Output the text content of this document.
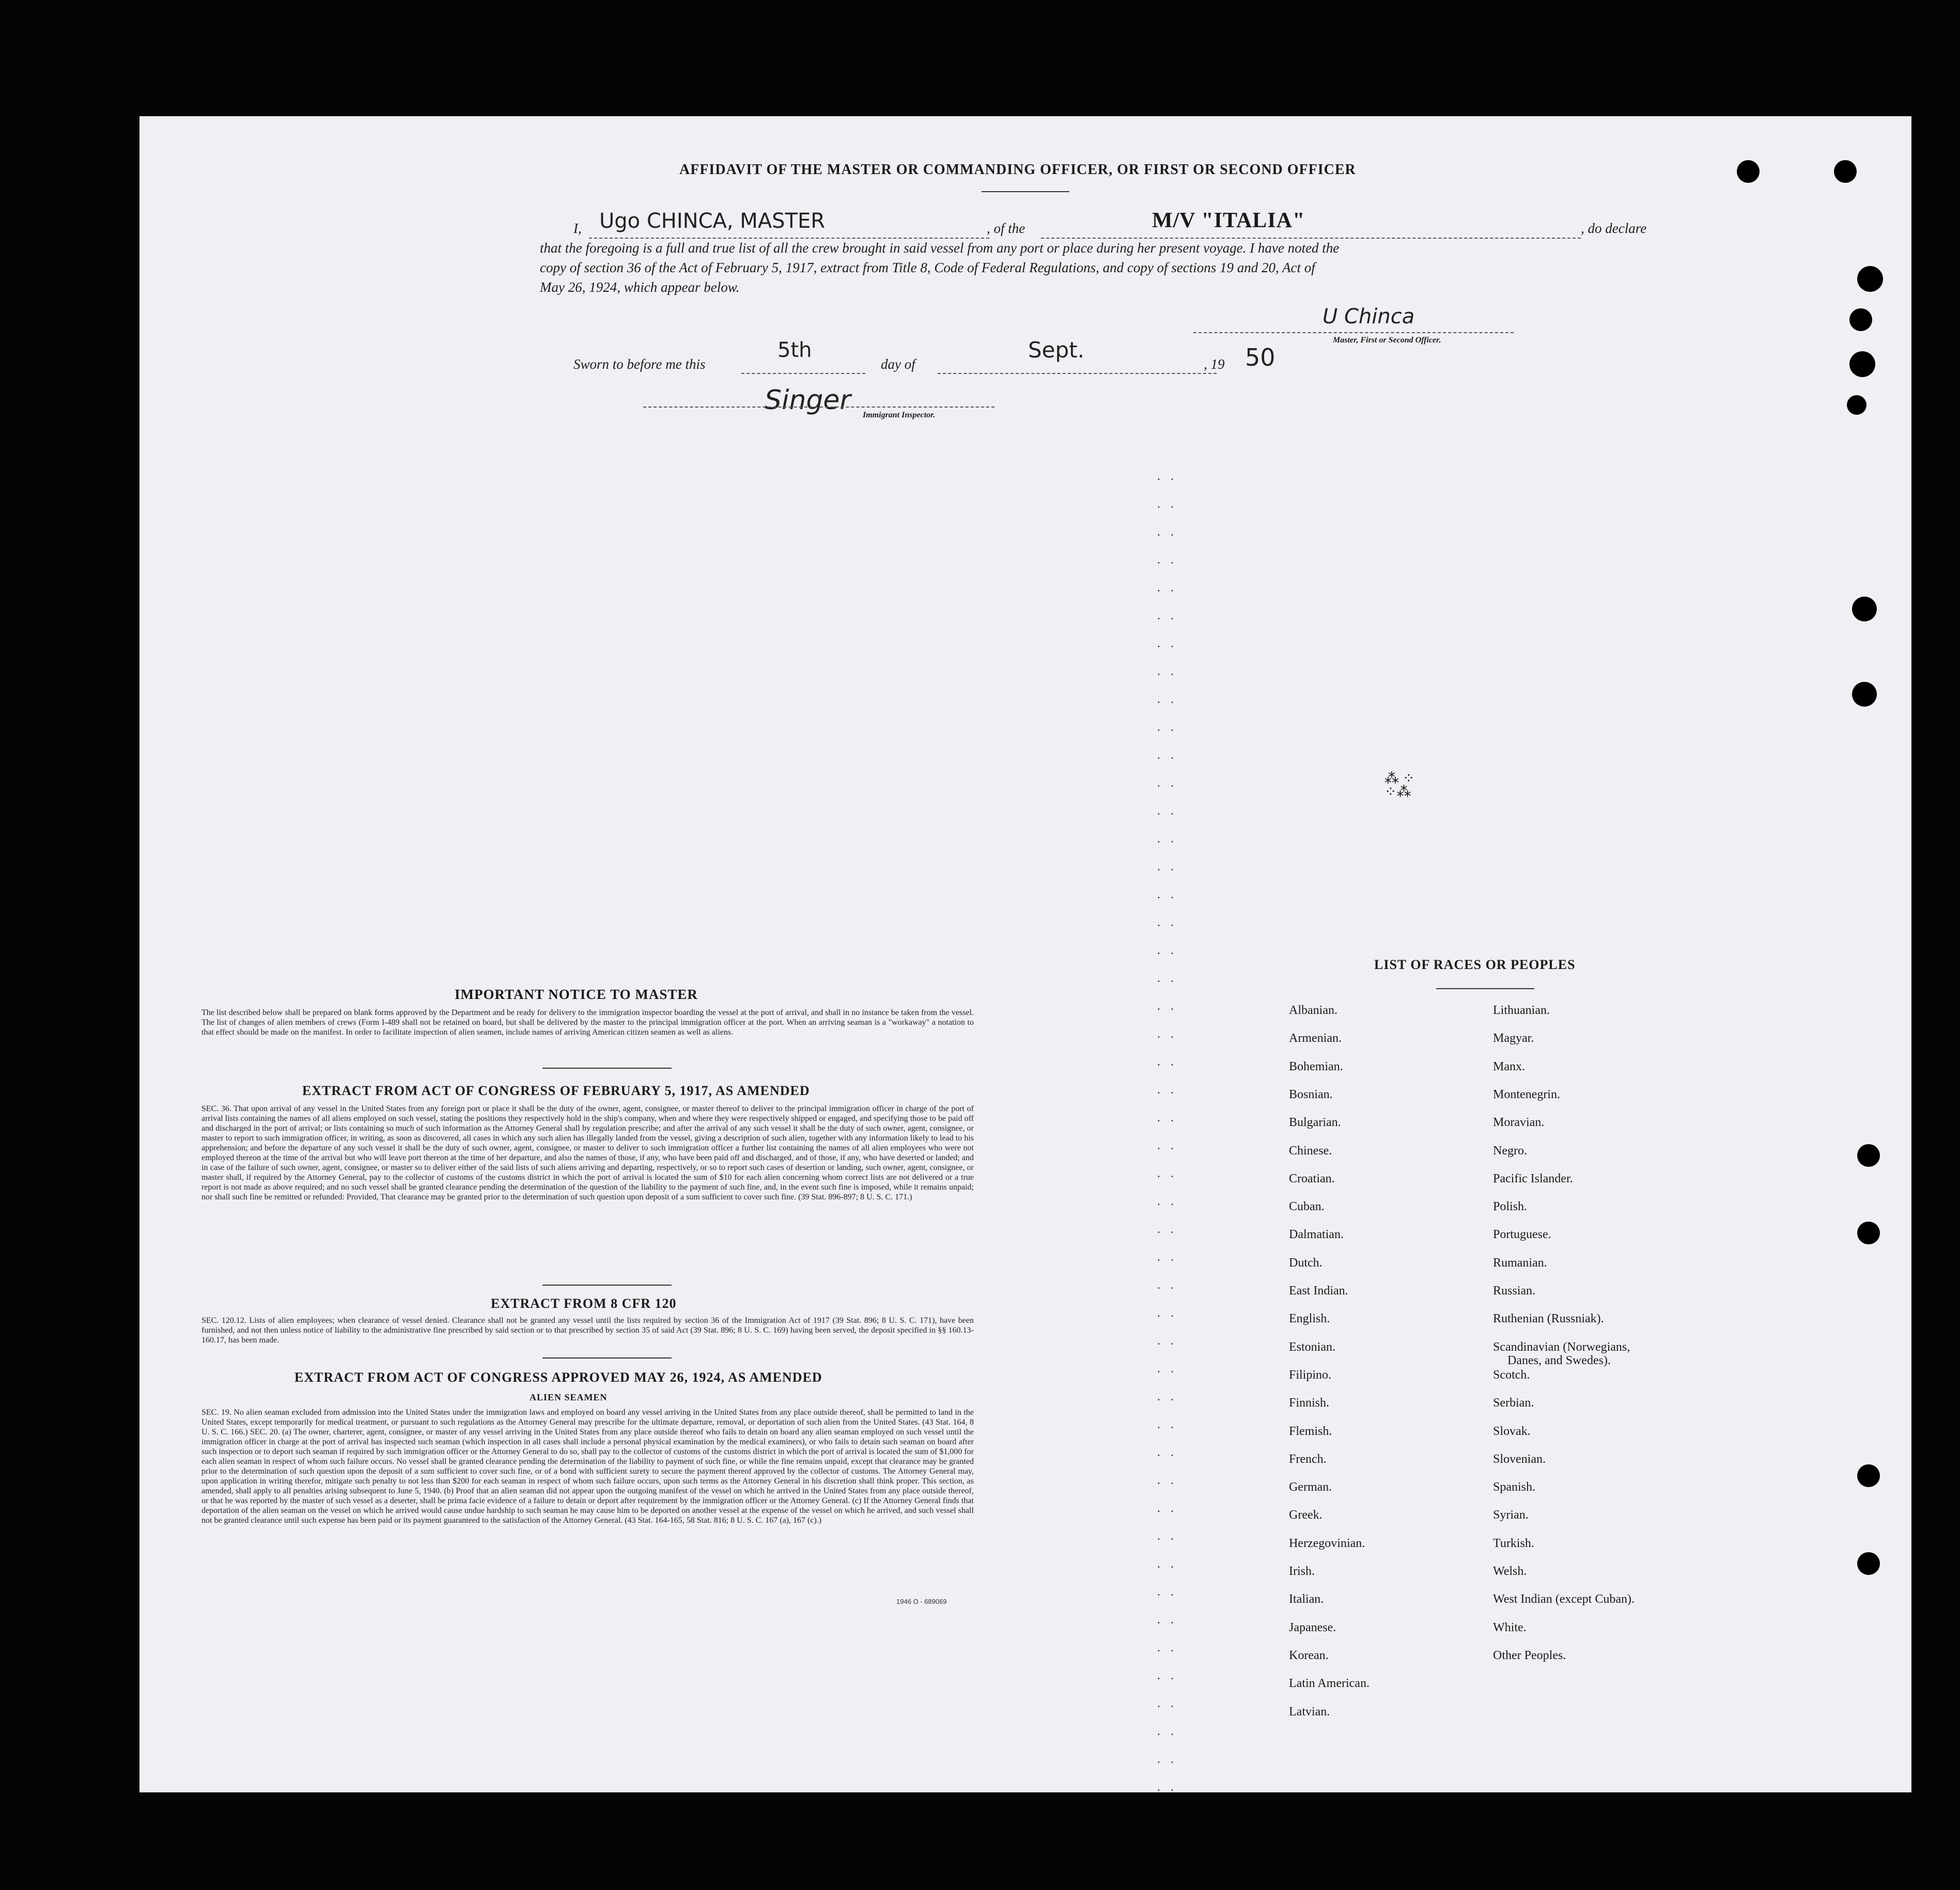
AFFIDAVIT OF THE MASTER OR COMMANDING OFFICER, OR FIRST OR SECOND OFFICER
I, Ugo CHINCA, MASTER	, of the	M/V "ITALIA"	, do declare
that the foregoing is a full and true list of all the crew brought in said vessel from any port or place during her present voyage. I have noted the
copy of section 36 of the Act of February 5, 1917, extract from Title 8, Code of Federal Regulations, and copy of sections 19 and 20, Act of
May 26, 1924, which appear below.
Sworn to before me this
5th
day of
Sept.
, 19 50
U Chinca
Master, First or Second Officer.
Singer Immigrant Inspector.
.. .. .. .. .. .. .. .. .. .. .. .. .. .. .. .. .. .. .. .. .. .. .. .. .. .. .. .. .. .. .. .. .. .. .. .. .. .. .. .. .. .. .. .. .. .. .. ..
IMPORTANT NOTICE TO MASTER
The list described below shall be prepared on blank forms approved by the Department and be ready for delivery to the immigration inspector boarding the vessel at the port of arrival, and shall in no instance be taken from the vessel. The list of changes of alien members of crews (Form I-489 shall not be retained on board, but shall be delivered by the master to the principal immigration officer at the port. When an arriving seaman is a "workaway" a notation to that effect should be made on the manifest. In order to facilitate inspection of alien seamen, include names of arriving American citizen seamen as well as aliens.
EXTRACT FROM ACT OF CONGRESS OF FEBRUARY 5, 1917, AS AMENDED
SEC. 36. That upon arrival of any vessel in the United States from any foreign port or place it shall be the duty of the owner, agent, consignee, or master thereof to deliver to the principal immigration officer in charge of the port of arrival lists containing the names of all aliens employed on such vessel, stating the positions they respectively hold in the ship's company, when and where they were respectively shipped or engaged, and specifying those to be paid off and discharged in the port of arrival; or lists containing so much of such information as the Attorney General shall by regulation prescribe; and after the arrival of any such vessel it shall be the duty of such owner, agent, consignee, or master to report to such immigration officer, in writing, as soon as discovered, all cases in which any such alien has illegally landed from the vessel, giving a description of such alien, together with any information likely to lead to his apprehension; and before the departure of any such vessel it shall be the duty of such owner, agent, consignee, or master to deliver to such immigration officer a further list containing the names of all alien employees who were not employed thereon at the time of the arrival but who will leave port thereon at the time of her departure, and also the names of those, if any, who have been paid off and discharged, and of those, if any, who have deserted or landed; and in case of the failure of such owner, agent, consignee, or master so to deliver either of the said lists of such aliens arriving and departing, respectively, or so to report such cases of desertion or landing, such owner, agent, consignee, or master shall, if required by the Attorney General, pay to the collector of customs of the customs district in which the port of arrival is located the sum of $10 for each alien concerning whom correct lists are not delivered or a true report is not made as above required; and no such vessel shall be granted clearance pending the determination of the question of the liability to the payment of such fine, and, in the event such fine is imposed, while it remains unpaid; nor shall such fine be remitted or refunded: Provided, That clearance may be granted prior to the determination of such question upon deposit of a sum sufficient to cover such fine. (39 Stat. 896-897; 8 U. S. C. 171.)
EXTRACT FROM 8 CFR 120
SEC. 120.12. Lists of alien employees; when clearance of vessel denied. Clearance shall not be granted any vessel until the lists required by section 36 of the Immigration Act of 1917 (39 Stat. 896; 8 U. S. C. 171), have been furnished, and not then unless notice of liability to the administrative fine prescribed by said section or to that prescribed by section 35 of said Act (39 Stat. 896; 8 U. S. C. 169) having been served, the deposit specified in §§ 160.13-160.17, has been made.
EXTRACT FROM ACT OF CONGRESS APPROVED MAY 26, 1924, AS AMENDED
ALIEN SEAMEN
SEC. 19. No alien seaman excluded from admission into the United States under the immigration laws and employed on board any vessel arriving in the United States from any place outside thereof, shall be permitted to land in the United States, except temporarily for medical treatment, or pursuant to such regulations as the Attorney General may prescribe for the ultimate departure, removal, or deportation of such alien from the United States. (43 Stat. 164, 8 U. S. C. 166.) SEC. 20. (a) The owner, charterer, agent, consignee, or master of any vessel arriving in the United States from any place outside thereof who fails to detain on board any alien seaman employed on such vessel until the immigration officer in charge at the port of arrival has inspected such seaman (which inspection in all cases shall include a personal physical examination by the medical examiners), or who fails to detain such seaman on board after such inspection or to deport such seaman if required by such immigration officer or the Attorney General to do so, shall pay to the collector of customs of the customs district in which the port of arrival is located the sum of $1,000 for each alien seaman in respect of whom such failure occurs. No vessel shall be granted clearance pending the determination of the liability to payment of such fine, or while the fine remains unpaid, except that clearance may be granted prior to the determination of such question upon the deposit of a sum sufficient to cover such fine, or of a bond with sufficient surety to secure the payment thereof approved by the collector of customs. The Attorney General may, upon application in writing therefor, mitigate such penalty to not less than $200 for each seaman in respect of whom such failure occurs, upon such terms as the Attorney General in his discretion shall think proper. This section, as amended, shall apply to all penalties arising subsequent to June 5, 1940. (b) Proof that an alien seaman did not appear upon the outgoing manifest of the vessel on which he arrived in the United States from any place outside thereof, or that he was reported by the master of such vessel as a deserter, shall be prima facie evidence of a failure to detain or deport after requirement by the immigration officer or the Attorney General. (c) If the Attorney General finds that deportation of the alien seaman on the vessel on which he arrived would cause undue hardship to such seaman he may cause him to be deported on another vessel at the expense of the vessel on which he arrived, and such vessel shall not be granted clearance until such expense has been paid or its payment guaranteed to the satisfaction of the Attorney General. (43 Stat. 164-165, 58 Stat. 816; 8 U. S. C. 167 (a), 167 (c).)
1946 O - 689069
LIST OF RACES OR PEOPLES
Albanian.
Armenian.
Bohemian.
Bosnian.
Bulgarian.
Chinese.
Croatian.
Cuban.
Dalmatian.
Dutch.
East Indian.
English.
Estonian.
Filipino.
Finnish.
Flemish.
French.
German.
Greek.
Herzegovinian.
Irish.
Italian.
Japanese.
Korean.
Latin American.
Latvian.
Lithuanian.
Magyar.
Manx.
Montenegrin.
Moravian.
Negro.
Pacific Islander.
Polish.
Portuguese.
Rumanian.
Russian.
Ruthenian (Russniak).
Scandinavian (Norwegians,
Danes, and Swedes).
Scotch.
Serbian.
Slovak.
Slovenian.
Spanish.
Syrian.
Turkish.
Welsh.
West Indian (except Cuban).
White.
Other Peoples.
⁂ ⁘
⁘⁂
